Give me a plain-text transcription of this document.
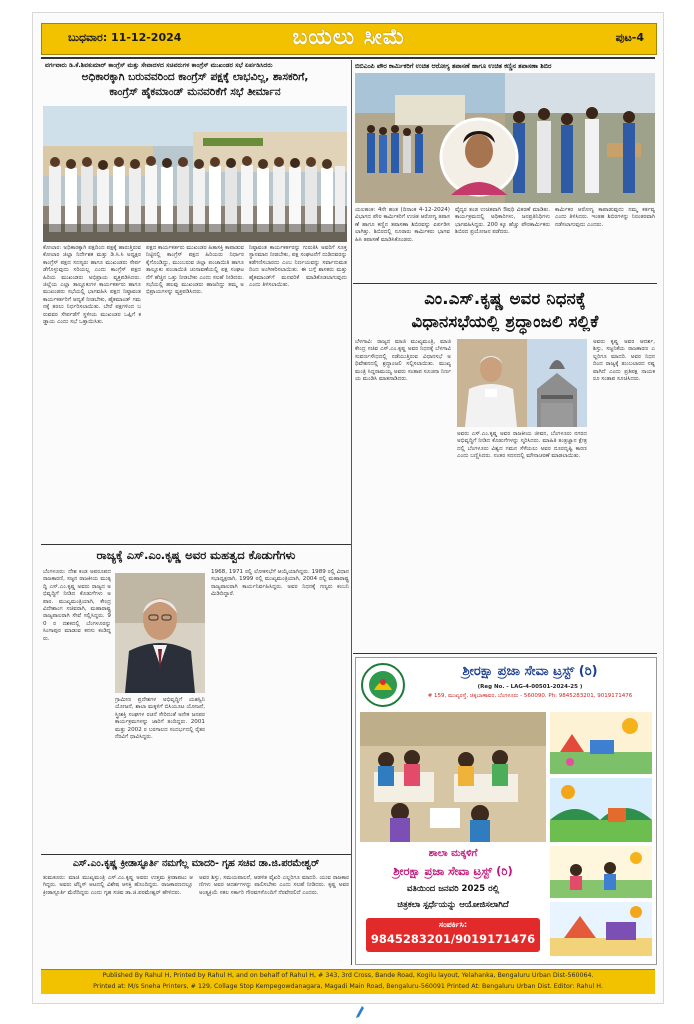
ಬುಧವಾರ: 11-12-2024	ಬಯಲು ಸೀಮೆ	ಪುಟ-4
ವರ್ಗವಾರು ಡಿ.ಕೆ.ಶಿವಕುಮಾರ್ ಕಾಂಗ್ರೆಸ್ ಮತ್ತು ಸೇವಾದಳದ ಸಚಿವರುಗಳ ಕಾಂಗ್ರೆಸ್ ಮುಖಂಡರ ಸಭೆ ಏರ್ಪಡಿಸಿದರು
ಅಧಿಕಾರಕ್ಕಾಗಿ ಬರುವವರಿಂದ ಕಾಂಗ್ರೆಸ್ ಪಕ್ಷಕ್ಕೆ ಲಾಭವಿಲ್ಲ, ಶಾಸಕರಿಗೆ,
ಕಾಂಗ್ರೆಸ್ ಹೈಕಮಾಂಡ್ ಮನವರಿಕೆಗೆ ಸಭೆ ತೀರ್ಮಾನ
ಕೋಲಾರ: ಅಧಿಕಾರಕ್ಕಾಗಿ ಪಕ್ಷದಿಂದ ಪಕ್ಷಕ್ಕೆ ಹಾರುತ್ತಿರುವ ಕೋಲಾರ ಜಿಲ್ಲಾ ನಿರ್ದೇಶಕ ಮತ್ತು ಡಿ.ಸಿ.ಸಿ ಅಧ್ಯಕ್ಷರ ಕಾಂಗ್ರೆಸ್ ಪಕ್ಷದ ಸದಸ್ಯರು ಹಾಗೂ ಮುಖಂಡರು ಸೇರ್ಪಡೆಗೊಳ್ಳುವುದು ಸರಿಯಲ್ಲ ಎಂದು ಕಾಂಗ್ರೆಸ್ ಪಕ್ಷದ ಹಿರಿಯ ಮುಖಂಡರು ಅಭಿಪ್ರಾಯ ವ್ಯಕ್ತಪಡಿಸಿದರು. ಜಿಲ್ಲೆಯ ಎಲ್ಲಾ ತಾಲ್ಲೂಕುಗಳ ಕಾರ್ಯಕರ್ತರು ಹಾಗೂ ಮುಖಂಡರು ಸಭೆಯಲ್ಲಿ ಭಾಗವಹಿಸಿ ಪಕ್ಷದ ನಿಷ್ಠಾವಂತ ಕಾರ್ಯಕರ್ತರಿಗೆ ಆದ್ಯತೆ ನೀಡಬೇಕು, ಹೈಕಮಾಂಡ್ ಗಮನಕ್ಕೆ ತರಲು ನಿರ್ಧರಿಸಲಾಯಿತು. ಬೇರೆ ಪಕ್ಷಗಳಿಂದ ಬರುವವರ ಸೇರ್ಪಡೆಗೆ ಸ್ಥಳೀಯ ಮುಖಂಡರ ಒಪ್ಪಿಗೆ ಕಡ್ಡಾಯ ಎಂದು ಸಭೆ ಒತ್ತಾಯಿಸಿತು.
ಪಕ್ಷದ ಕಾರ್ಯಕರ್ತರು ಮುಖಂಡರ ಹಿತಾಸಕ್ತಿ ಕಾಪಾಡುವ ನಿಟ್ಟಿನಲ್ಲಿ ಕಾಂಗ್ರೆಸ್ ಪಕ್ಷದ ಹಿರಿಯರು ನಿರ್ಧಾರ ಕೈಗೊಂಡಿದ್ದು, ಮುಂಬರುವ ಜಿಲ್ಲಾ ಪಂಚಾಯಿತಿ ಹಾಗೂ ತಾಲ್ಲೂಕು ಪಂಚಾಯಿತಿ ಚುನಾವಣೆಯಲ್ಲಿ ಪಕ್ಷ ಸಂಘಟನೆಗೆ ಹೆಚ್ಚಿನ ಒತ್ತು ನೀಡಬೇಕು ಎಂದು ಸಲಹೆ ನೀಡಿದರು. ಸಭೆಯಲ್ಲಿ ಹಲವು ಮುಖಂಡರು ಹಾಜರಿದ್ದು ತಮ್ಮ ಅಭಿಪ್ರಾಯಗಳನ್ನು ವ್ಯಕ್ತಪಡಿಸಿದರು.
ನಿಷ್ಠಾವಂತ ಕಾರ್ಯಕರ್ತರನ್ನು ಗುರುತಿಸಿ ಅವರಿಗೆ ಸೂಕ್ತ ಸ್ಥಾನಮಾನ ನೀಡಬೇಕು, ಪಕ್ಷ ಸಂಘಟನೆಗೆ ದುಡಿದವರನ್ನು ಕಡೆಗಣಿಸಬಾರದು ಎಂಬ ನಿರ್ಣಯವನ್ನು ಸರ್ವಾನುಮತದಿಂದ ಅಂಗೀಕರಿಸಲಾಯಿತು. ಈ ಬಗ್ಗೆ ಶಾಸಕರು ಮತ್ತು ಹೈಕಮಾಂಡ್‌ಗೆ ಮನವರಿಕೆ ಮಾಡಿಕೊಡಲಾಗುವುದು ಎಂದು ತಿಳಿಸಲಾಯಿತು.
ರಾಜ್ಯಕ್ಕೆ ಎಸ್.ಎಂ.ಕೃಷ್ಣ ಅವರ ಮಹತ್ವದ ಕೊಡುಗೆಗಳು
ಬೆಂಗಳೂರು: ದೇಶ ಕಂಡ ಅಪರೂಪದ ರಾಜಕಾರಣಿ, ಸಜ್ಜನ ರಾಜಕೀಯ ಮುತ್ಸದ್ದಿ ಎಸ್.ಎಂ.ಕೃಷ್ಣ ಅವರು ರಾಜ್ಯದ ಅಭಿವೃದ್ಧಿಗೆ ನೀಡಿದ ಕೊಡುಗೆಗಳು ಅಪಾರ. ಮುಖ್ಯಮಂತ್ರಿಯಾಗಿ, ಕೇಂದ್ರ ವಿದೇಶಾಂಗ ಸಚಿವರಾಗಿ, ಮಹಾರಾಷ್ಟ್ರ ರಾಜ್ಯಪಾಲರಾಗಿ ಸೇವೆ ಸಲ್ಲಿಸಿದ್ದರು. 90 ರ ದಶಕದಲ್ಲಿ ಬೆಂಗಳೂರನ್ನು ಸಿಂಗಾಪುರ ಮಾಡುವ ಕನಸು ಕಂಡಿದ್ದರು.
ಗ್ರಾಮೀಣ ಪ್ರದೇಶಗಳ ಅಭಿವೃದ್ಧಿಗೆ ಯಶಸ್ವಿನಿ ಯೋಜನೆ, ಶಾಲಾ ಮಕ್ಕಳಿಗೆ ಬಿಸಿಯೂಟ ಯೋಜನೆ, ಸ್ತ್ರೀಶಕ್ತಿ ಸಂಘಗಳ ರಚನೆ ಸೇರಿದಂತೆ ಅನೇಕ ಜನಪರ ಕಾರ್ಯಕ್ರಮಗಳನ್ನು ಜಾರಿಗೆ ತಂದಿದ್ದರು. 2001 ಮತ್ತು 2002 ರ ಬರಗಾಲದ ಸಂದರ್ಭದಲ್ಲಿ ರೈತರ ನೆರವಿಗೆ ಧಾವಿಸಿದ್ದರು.
1968, 1971 ರಲ್ಲಿ ಲೋಕಸಭೆಗೆ ಆಯ್ಕೆಯಾಗಿದ್ದರು. 1989 ರಲ್ಲಿ ವಿಧಾನಸಭಾಧ್ಯಕ್ಷರಾಗಿ, 1999 ರಲ್ಲಿ ಮುಖ್ಯಮಂತ್ರಿಯಾಗಿ, 2004 ರಲ್ಲಿ ಮಹಾರಾಷ್ಟ್ರ ರಾಜ್ಯಪಾಲರಾಗಿ ಕಾರ್ಯನಿರ್ವಹಿಸಿದ್ದರು. ಅವರ ನಿಧನಕ್ಕೆ ಗಣ್ಯರು ಕಂಬನಿ ಮಿಡಿದಿದ್ದಾರೆ.
ಎಸ್.ಎಂ.ಕೃಷ್ಣ ಕ್ರೀಡಾಸ್ಫೂರ್ತಿ ನಮಗೆಲ್ಲ ಮಾದರಿ- ಗೃಹ ಸಚಿವ ಡಾ.ಜಿ.ಪರಮೇಶ್ವರ್
ತುಮಕೂರು: ಮಾಜಿ ಮುಖ್ಯಮಂತ್ರಿ ಎಸ್.ಎಂ.ಕೃಷ್ಣ ಅವರು ಉತ್ತಮ ಕ್ರೀಡಾಪಟು ಆಗಿದ್ದರು. ಅವರು ಟೆನ್ನಿಸ್ ಆಟದಲ್ಲಿ ವಿಶೇಷ ಆಸಕ್ತಿ ಹೊಂದಿದ್ದರು. ರಾಜಕಾರಣದಲ್ಲೂ ಕ್ರೀಡಾಸ್ಫೂರ್ತಿ ಮೆರೆದಿದ್ದರು ಎಂದು ಗೃಹ ಸಚಿವ ಡಾ.ಜಿ.ಪರಮೇಶ್ವರ್ ಹೇಳಿದರು.
ಅವರ ಶಿಸ್ತು, ಸಮಯಪಾಲನೆ, ಆಡಳಿತ ವೈಖರಿ ಎಲ್ಲರಿಗೂ ಮಾದರಿ. ಯುವ ರಾಜಕಾರಣಿಗಳು ಅವರ ಆದರ್ಶಗಳನ್ನು ಪಾಲಿಸಬೇಕು ಎಂದು ಸಲಹೆ ನೀಡಿದರು. ಕೃಷ್ಣ ಅವರ ಅಂತ್ಯಕ್ರಿಯೆ ಸಕಲ ಸರ್ಕಾರಿ ಗೌರವಗಳೊಂದಿಗೆ ನೆರವೇರಲಿದೆ ಎಂದರು.
ಬಿಬಿಎಂಪಿ ಪೌರ ಕಾರ್ಮಿಕರಿಗೆ ಉಚಿತ ಆರೋಗ್ಯ ತಪಾಸಣೆ ಹಾಗೂ ಉಚಿತ ಕಣ್ಣಿನ ತಪಾಸಣಾ ಶಿಬಿರ
ಯಲಹಂಕ: 4ನೇ ಹಂತ (ದಿನಾಂಕ 4-12-2024) ವಿಭಾಗದ ಪೌರ ಕಾರ್ಮಿಕರಿಗೆ ಉಚಿತ ಆರೋಗ್ಯ ತಪಾಸಣೆ ಹಾಗೂ ಕಣ್ಣಿನ ತಪಾಸಣಾ ಶಿಬಿರವನ್ನು ಏರ್ಪಡಿಸಲಾಗಿತ್ತು. ಶಿಬಿರದಲ್ಲಿ ನೂರಾರು ಕಾರ್ಮಿಕರು ಭಾಗವಹಿಸಿ ತಪಾಸಣೆ ಮಾಡಿಸಿಕೊಂಡರು.
ವೈದ್ಯರ ತಂಡ ಉಚಿತವಾಗಿ ಔಷಧಿ ವಿತರಣೆ ಮಾಡಿತು. ಕಾರ್ಯಕ್ರಮದಲ್ಲಿ ಅಧಿಕಾರಿಗಳು, ಜನಪ್ರತಿನಿಧಿಗಳು ಭಾಗವಹಿಸಿದ್ದರು. 200 ಕ್ಕೂ ಹೆಚ್ಚು ಪೌರಕಾರ್ಮಿಕರು ಶಿಬಿರದ ಪ್ರಯೋಜನ ಪಡೆದರು.
ಕಾರ್ಮಿಕರ ಆರೋಗ್ಯ ಕಾಪಾಡುವುದು ನಮ್ಮ ಕರ್ತವ್ಯ ಎಂದು ತಿಳಿಸಿದರು. ಇಂತಹ ಶಿಬಿರಗಳನ್ನು ನಿರಂತರವಾಗಿ ನಡೆಸಲಾಗುವುದು ಎಂದರು.
ಎಂ.ಎಸ್.ಕೃಷ್ಣ ಅವರ ನಿಧನಕ್ಕೆ
ವಿಧಾನಸಭೆಯಲ್ಲಿ ಶ್ರದ್ಧಾಂಜಲಿ ಸಲ್ಲಿಕೆ
ಬೆಳಗಾವಿ: ರಾಜ್ಯದ ಮಾಜಿ ಮುಖ್ಯಮಂತ್ರಿ, ಮಾಜಿ ಕೇಂದ್ರ ಸಚಿವ ಎಸ್.ಎಂ.ಕೃಷ್ಣ ಅವರ ನಿಧನಕ್ಕೆ ಬೆಳಗಾವಿ ಸುವರ್ಣಸೌಧದಲ್ಲಿ ನಡೆಯುತ್ತಿರುವ ವಿಧಾನಸಭೆ ಅಧಿವೇಶನದಲ್ಲಿ ಶ್ರದ್ಧಾಂಜಲಿ ಸಲ್ಲಿಸಲಾಯಿತು. ಮುಖ್ಯಮಂತ್ರಿ ಸಿದ್ದರಾಮಯ್ಯ ಅವರು ಸಂತಾಪ ಸೂಚನಾ ನಿರ್ಣಯ ಮಂಡಿಸಿ ಮಾತನಾಡಿದರು.
ಅವರು ಎಸ್.ಎಂ.ಕೃಷ್ಣ ಅವರ ರಾಜಕೀಯ ಜೀವನ, ಬೆಂಗಳೂರು ನಗರದ ಅಭಿವೃದ್ಧಿಗೆ ನೀಡಿದ ಕೊಡುಗೆಗಳನ್ನು ಸ್ಮರಿಸಿದರು. ಮಾಹಿತಿ ತಂತ್ರಜ್ಞಾನ ಕ್ಷೇತ್ರದಲ್ಲಿ ಬೆಂಗಳೂರು ವಿಶ್ವದ ಗಮನ ಸೆಳೆಯಲು ಅವರ ದೂರದೃಷ್ಟಿ ಕಾರಣ ಎಂದು ಬಣ್ಣಿಸಿದರು. ನಂತರ ಸದನದಲ್ಲಿ ಮೌನಾಚರಣೆ ಮಾಡಲಾಯಿತು.
ಅವರು ಕೃಷ್ಣ ಅವರ ಆದರ್ಶ, ಶಿಸ್ತು, ಸಜ್ಜನಿಕೆಯ ರಾಜಕಾರಣ ಎಲ್ಲರಿಗೂ ಮಾದರಿ. ಅವರ ನಿಧನದಿಂದ ರಾಜ್ಯಕ್ಕೆ ತುಂಬಲಾರದ ನಷ್ಟವಾಗಿದೆ ಎಂದು ಪ್ರತಿಪಕ್ಷ ನಾಯಕರೂ ಸಂತಾಪ ಸೂಚಿಸಿದರು.
ಶ್ರೀರಕ್ಷಾ ಪ್ರಜಾ ಸೇವಾ ಟ್ರಸ್ಟ್ (ರಿ)
(Reg No. - LAG-4-00501-2024-25 )
# 159, ಮುಖ್ಯರಸ್ತೆ, ಚಿಕ್ಕಬಾಣಾವರ, ಬೆಂಗಳೂರು - 560090. Ph: 9845283201, 9019171476
ಶಾಲಾ ಮಕ್ಕಳಿಗೆ
ಶ್ರೀರಕ್ಷಾ ಪ್ರಜಾ ಸೇವಾ ಟ್ರಸ್ಟ್ (ರಿ)
ವತಿಯಿಂದ ಜನವರಿ 2025 ರಲ್ಲಿ
ಚಿತ್ರಕಲಾ ಸ್ಪರ್ಧೆಯನ್ನು ಆಯೋಜಿಸಲಾಗಿದೆ
ಸಂಪರ್ಕಿಸಿ:
9845283201/9019171476
Published By Rahul H, Printed by Rahul H, and on behalf of Rahul H, # 343, 3rd Cross, Bande Road, Kogilu layout, Yelahanka, Bengaluru Urban Dist-560064.
Printed at: M/s Sneha Printers, # 129, Collage Stop Kempegowdanagara, Magadi Main Road, Bengaluru-560091 Printed At: Bengaluru Urban Dist. Editor: Rahul H.
